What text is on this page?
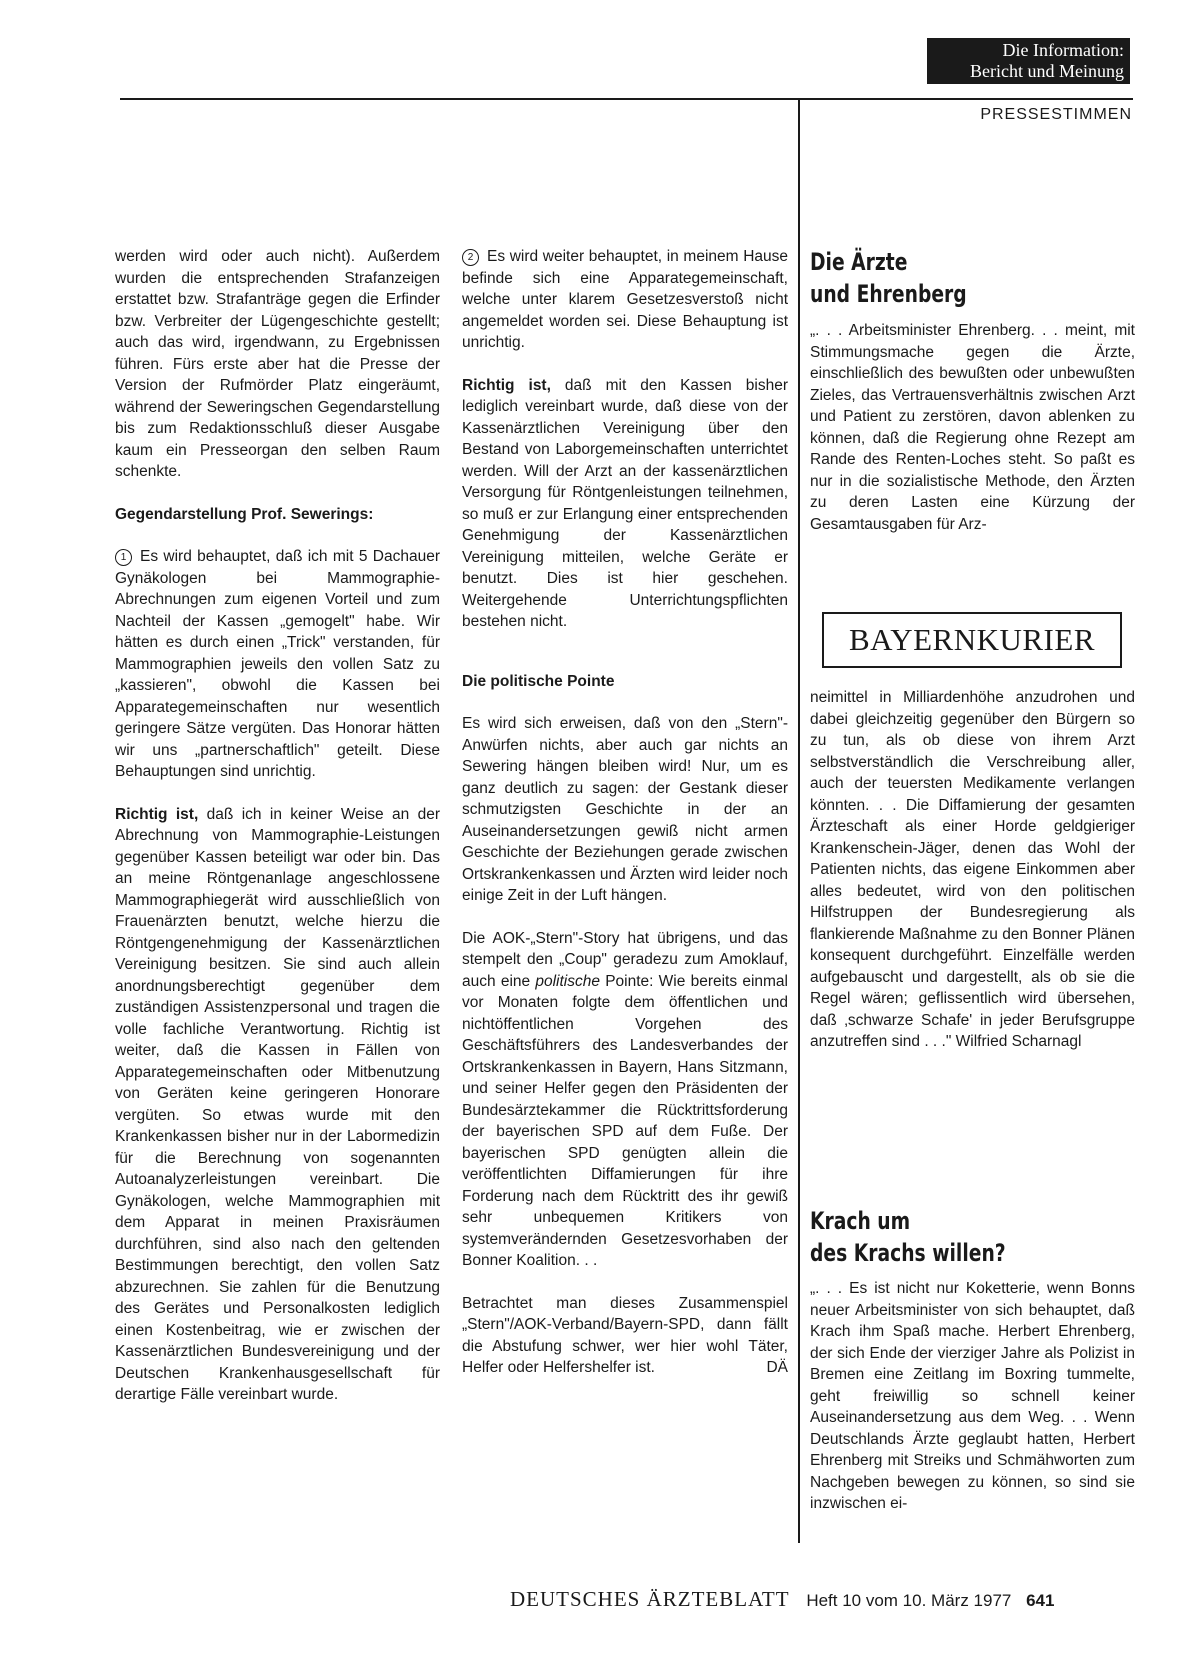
Die Information:
Bericht und Meinung
PRESSESTIMMEN

werden wird oder auch nicht). Außerdem wurden die entsprechenden Strafanzeigen erstattet bzw. Strafanträge gegen die Erfinder bzw. Verbreiter der Lügengeschichte gestellt; auch das wird, irgendwann, zu Ergebnissen führen. Fürs erste aber hat die Presse der Version der Rufmörder Platz eingeräumt, während der Seweringschen Gegendarstellung bis zum Redaktionsschluß dieser Ausgabe kaum ein Presseorgan den selben Raum schenkte.

Gegendarstellung Prof. Sewerings:

1 Es wird behauptet, daß ich mit 5 Dachauer Gynäkologen bei Mammographie-Abrechnungen zum eigenen Vorteil und zum Nachteil der Kassen „gemogelt" habe. Wir hätten es durch einen „Trick" verstanden, für Mammographien jeweils den vollen Satz zu „kassieren", obwohl die Kassen bei Apparategemeinschaften nur wesentlich geringere Sätze vergüten. Das Honorar hätten wir uns „partnerschaftlich" geteilt. Diese Behauptungen sind unrichtig.

Richtig ist, daß ich in keiner Weise an der Abrechnung von Mammographie-Leistungen gegenüber Kassen beteiligt war oder bin. Das an meine Röntgenanlage angeschlossene Mammographiegerät wird ausschließlich von Frauenärzten benutzt, welche hierzu die Röntgengenehmigung der Kassenärztlichen Vereinigung besitzen. Sie sind auch allein anordnungsberechtigt gegenüber dem zuständigen Assistenzpersonal und tragen die volle fachliche Verantwortung. Richtig ist weiter, daß die Kassen in Fällen von Apparategemeinschaften oder Mitbenutzung von Geräten keine geringeren Honorare vergüten. So etwas wurde mit den Krankenkassen bisher nur in der Labormedizin für die Berechnung von sogenannten Autoanalyzerleistungen vereinbart. Die Gynäkologen, welche Mammographien mit dem Apparat in meinen Praxisräumen durchführen, sind also nach den geltenden Bestimmungen berechtigt, den vollen Satz abzurechnen. Sie zahlen für die Benutzung des Gerätes und Personalkosten lediglich einen Kostenbeitrag, wie er zwischen der Kassenärztlichen Bundesvereinigung und der Deutschen Krankenhausgesellschaft für derartige Fälle vereinbart wurde.

2 Es wird weiter behauptet, in meinem Hause befinde sich eine Apparategemeinschaft, welche unter klarem Gesetzesverstoß nicht angemeldet worden sei. Diese Behauptung ist unrichtig.

Richtig ist, daß mit den Kassen bisher lediglich vereinbart wurde, daß diese von der Kassenärztlichen Vereinigung über den Bestand von Laborgemeinschaften unterrichtet werden. Will der Arzt an der kassenärztlichen Versorgung für Röntgenleistungen teilnehmen, so muß er zur Erlangung einer entsprechenden Genehmigung der Kassenärztlichen Vereinigung mitteilen, welche Geräte er benutzt. Dies ist hier geschehen. Weitergehende Unterrichtungspflichten bestehen nicht.

Die politische Pointe

Es wird sich erweisen, daß von den „Stern"-Anwürfen nichts, aber auch gar nichts an Sewering hängen bleiben wird! Nur, um es ganz deutlich zu sagen: der Gestank dieser schmutzigsten Geschichte in der an Auseinandersetzungen gewiß nicht armen Geschichte der Beziehungen gerade zwischen Ortskrankenkassen und Ärzten wird leider noch einige Zeit in der Luft hängen.

Die AOK-„Stern"-Story hat übrigens, und das stempelt den „Coup" geradezu zum Amoklauf, auch eine politische Pointe: Wie bereits einmal vor Monaten folgte dem öffentlichen und nichtöffentlichen Vorgehen des Geschäftsführers des Landesverbandes der Ortskrankenkassen in Bayern, Hans Sitzmann, und seiner Helfer gegen den Präsidenten der Bundesärztekammer die Rücktrittsforderung der bayerischen SPD auf dem Fuße. Der bayerischen SPD genügten allein die veröffentlichten Diffamierungen für ihre Forderung nach dem Rücktritt des ihr gewiß sehr unbequemen Kritikers von systemverändernden Gesetzesvorhaben der Bonner Koalition. . .

Betrachtet man dieses Zusammenspiel „Stern"/AOK-Verband/Bayern-SPD, dann fällt die Abstufung schwer, wer hier wohl Täter, Helfer oder Helfershelfer ist.	DÄ

Die Ärzte
und Ehrenberg

„. . . Arbeitsminister Ehrenberg. . . meint, mit Stimmungsmache gegen die Ärzte, einschließlich des bewußten oder unbewußten Zieles, das Vertrauensverhältnis zwischen Arzt und Patient zu zerstören, davon ablenken zu können, daß die Regierung ohne Rezept am Rande des Renten-Loches steht. So paßt es nur in die sozialistische Methode, den Ärzten zu deren Lasten eine Kürzung der Gesamtausgaben für Arz-

BAYERNKURIER

neimittel in Milliardenhöhe anzudrohen und dabei gleichzeitig gegenüber den Bürgern so zu tun, als ob diese von ihrem Arzt selbstverständlich die Verschreibung aller, auch der teuersten Medikamente verlangen könnten. . . Die Diffamierung der gesamten Ärzteschaft als einer Horde geldgieriger Krankenschein-Jäger, denen das Wohl der Patienten nichts, das eigene Einkommen aber alles bedeutet, wird von den politischen Hilfstruppen der Bundesregierung als flankierende Maßnahme zu den Bonner Plänen konsequent durchgeführt. Einzelfälle werden aufgebauscht und dargestellt, als ob sie die Regel wären; geflissentlich wird übersehen, daß ‚schwarze Schafe' in jeder Berufsgruppe anzutreffen sind . . ." Wilfried Scharnagl

Krach um
des Krachs willen?

„. . . Es ist nicht nur Koketterie, wenn Bonns neuer Arbeitsminister von sich behauptet, daß Krach ihm Spaß mache. Herbert Ehrenberg, der sich Ende der vierziger Jahre als Polizist in Bremen eine Zeitlang im Boxring tummelte, geht freiwillig so schnell keiner Auseinandersetzung aus dem Weg. . . Wenn Deutschlands Ärzte geglaubt hatten, Herbert Ehrenberg mit Streiks und Schmähworten zum Nachgeben bewegen zu können, so sind sie inzwischen ei-

DEUTSCHES ÄRZTEBLATT Heft 10 vom 10. März 1977 641
